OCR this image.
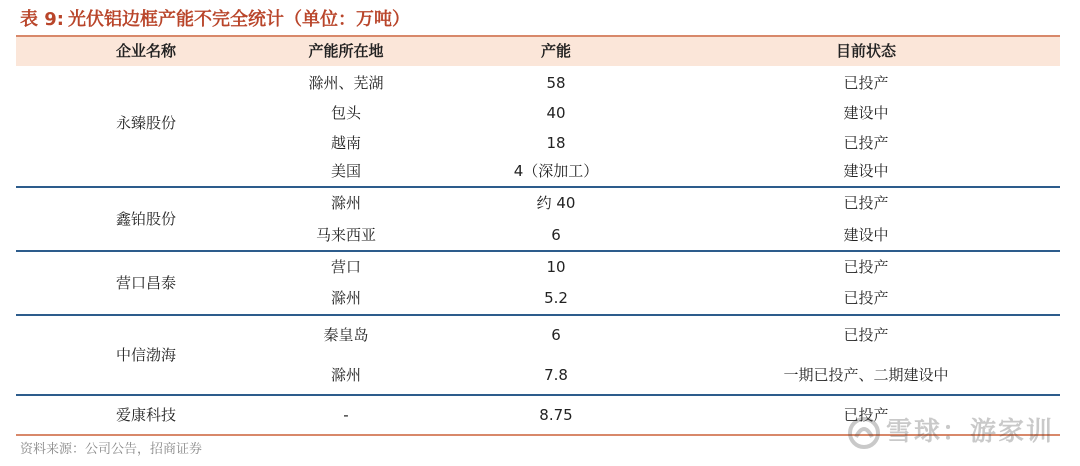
表 9: 光伏铝边框产能不完全统计（单位：万吨）
企业名称	产能所在地	产能	目前状态
永臻股份
滁州、芜湖	58	已投产
包头	40	建设中
越南	18	已投产
美国	4（深加工）	建设中
鑫铂股份
滁州	约 40	已投产
马来西亚	6	建设中
营口昌泰
营口	10	已投产
滁州	5.2	已投产
中信渤海
秦皇岛	6	已投产
滁州	7.8	一期已投产、二期建设中
爱康科技	-	8.75	已投产
资料来源：公司公告，招商证券
雪球：游家训
